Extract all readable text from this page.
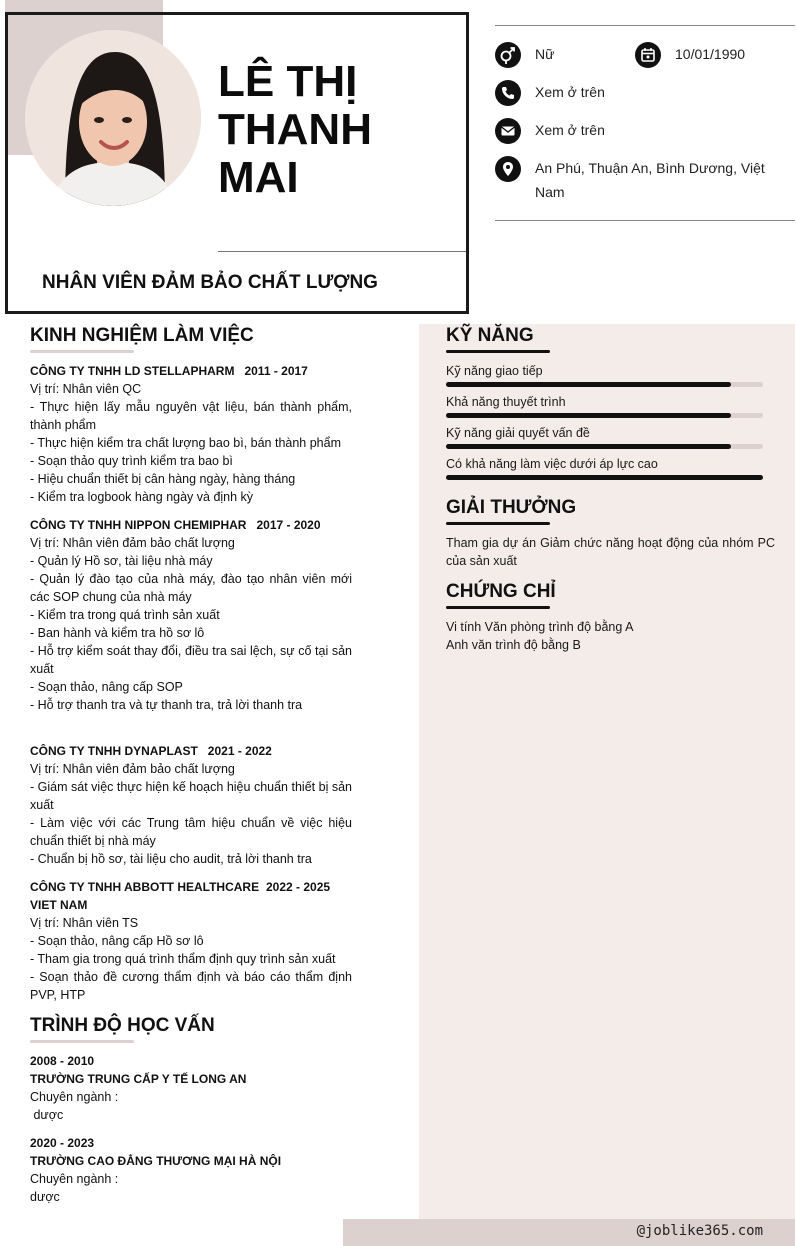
LÊ THỊ
THANH
MAI
NHÂN VIÊN ĐẢM BẢO CHẤT LƯỢNG
Nữ	10/01/1990
Xem ở trên
Xem ở trên
An Phú, Thuận An, Bình Dương, Việt Nam
KINH NGHIỆM LÀM VIỆC
CÔNG TY TNHH LD STELLAPHARM 2011 - 2017
Vị trí: Nhân viên QC
- Thực hiện lấy mẫu nguyên vật liệu, bán thành phẩm, thành phẩm
- Thực hiện kiểm tra chất lượng bao bì, bán thành phẩm
- Soạn thảo quy trình kiểm tra bao bì
- Hiệu chuẩn thiết bị cân hàng ngày, hàng tháng
- Kiểm tra logbook hàng ngày và định kỳ
CÔNG TY TNHH NIPPON CHEMIPHAR 2017 - 2020
Vị trí: Nhân viên đảm bảo chất lượng
- Quản lý Hồ sơ, tài liệu nhà máy
- Quản lý đào tạo của nhà máy, đào tạo nhân viên mới các SOP chung của nhà máy
- Kiểm tra trong quá trình sản xuất
- Ban hành và kiểm tra hồ sơ lô
- Hỗ trợ kiểm soát thay đổi, điều tra sai lệch, sự cố tại sản xuất
- Soạn thảo, nâng cấp SOP
- Hỗ trợ thanh tra và tự thanh tra, trả lời thanh tra
CÔNG TY TNHH DYNAPLAST 2021 - 2022
Vị trí: Nhân viên đảm bảo chất lượng
- Giám sát việc thực hiện kế hoạch hiệu chuẩn thiết bị sản xuất
- Làm việc với các Trung tâm hiệu chuẩn về việc hiệu chuẩn thiết bị nhà máy
- Chuẩn bị hồ sơ, tài liệu cho audit, trả lời thanh tra
CÔNG TY TNHH ABBOTT HEALTHCARE VIET NAM
2022 - 2025
Vị trí: Nhân viên TS
- Soạn thảo, nâng cấp Hồ sơ lô
- Tham gia trong quá trình thẩm định quy trình sản xuất
- Soạn thảo đề cương thẩm định và báo cáo thẩm định PVP, HTP
TRÌNH ĐỘ HỌC VẤN
2008 - 2010
TRƯỜNG TRUNG CẤP Y TẾ LONG AN
Chuyên ngành :
dược
2020 - 2023
TRƯỜNG CAO ĐẲNG THƯƠNG MẠI HÀ NỘI
Chuyên ngành :
dược
KỸ NĂNG
Kỹ năng giao tiếp
Khả năng thuyết trình
Kỹ năng giải quyết vấn đề
Có khả năng làm việc dưới áp lực cao
GIẢI THƯỞNG
Tham gia dự án Giảm chức năng hoạt động của nhóm PC của sản xuất
CHỨNG CHỈ
Vi tính Văn phòng trình độ bằng A
Anh văn trình độ bằng B
@joblike365.com
